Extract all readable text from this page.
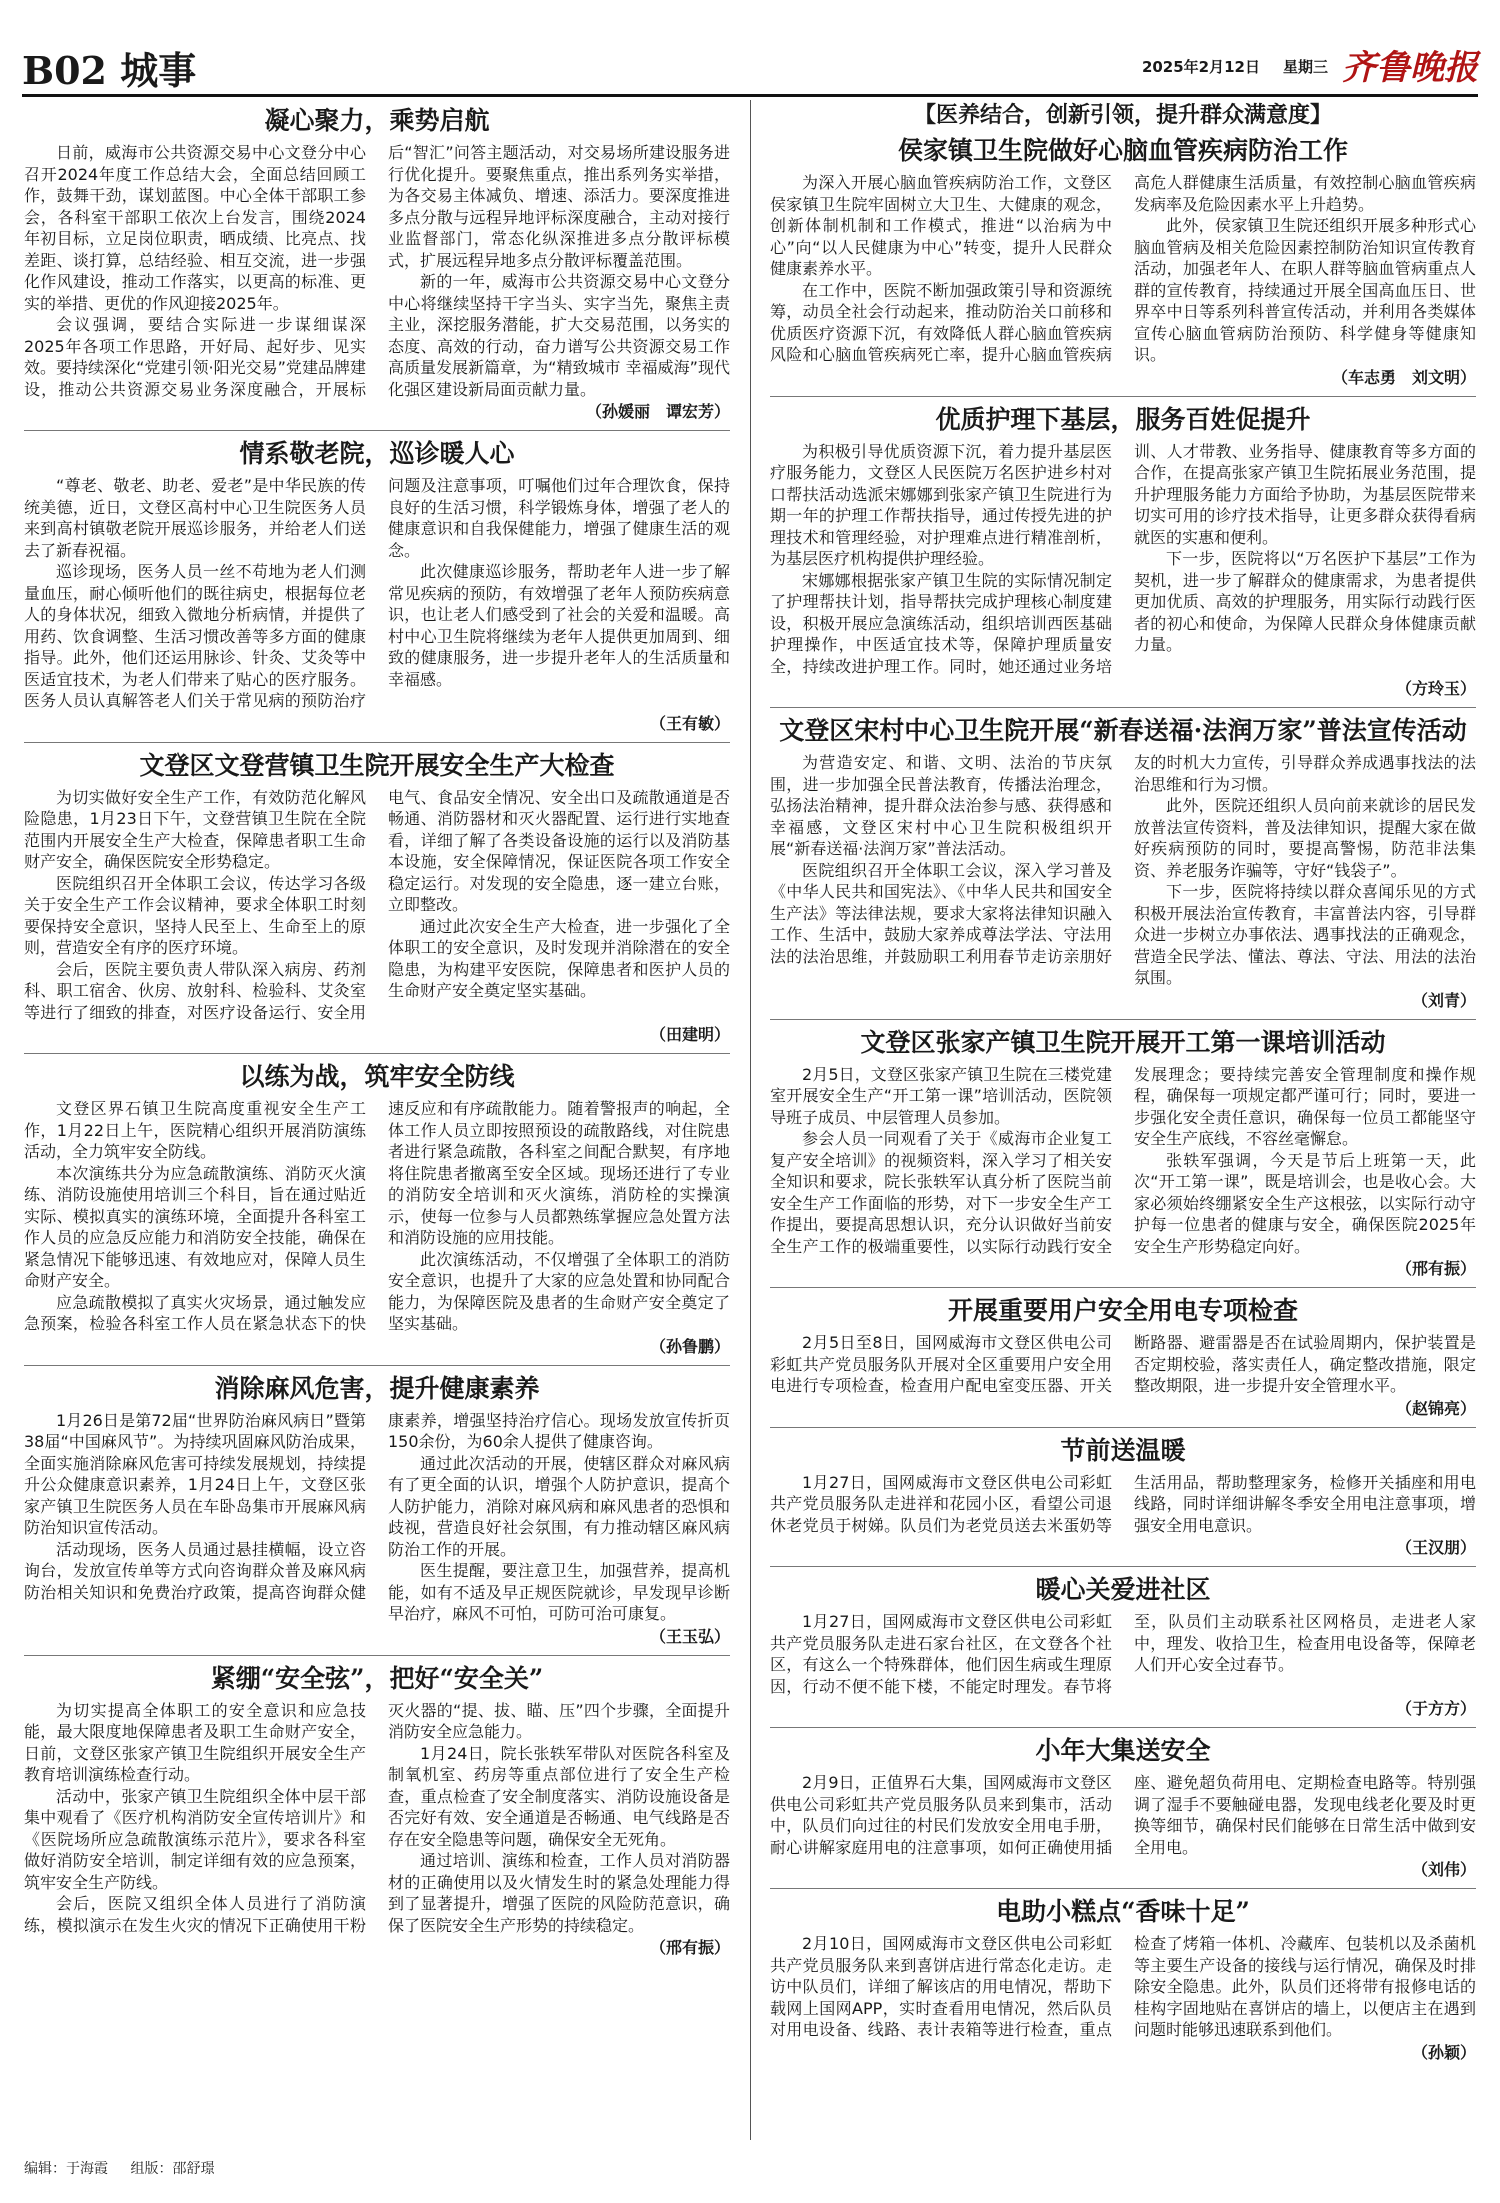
B02 城事	2025年2月12日 星期三 齐鲁晚报
凝心聚力，乘势启航

日前，威海市公共资源交易中心文登分中心召开2024年度工作总结大会，全面总结回顾工作，鼓舞干劲，谋划蓝图。中心全体干部职工参会，各科室干部职工依次上台发言，围绕2024年初目标，立足岗位职责，晒成绩、比亮点、找差距、谈打算，总结经验、相互交流，进一步强化作风建设，推动工作落实，以更高的标准、更实的举措、更优的作风迎接2025年。

会议强调，要结合实际进一步谋细谋深2025年各项工作思路，开好局、起好步、见实效。要持续深化“党建引领·阳光交易”党建品牌建设，推动公共资源交易业务深度融合，开展标后“智汇”问答主题活动，对交易场所建设服务进行优化提升。要聚焦重点，推出系列务实举措，为各交易主体减负、增速、添活力。要深度推进多点分散与远程异地评标深度融合，主动对接行业监督部门，常态化纵深推进多点分散评标模式，扩展远程异地多点分散评标覆盖范围。

新的一年，威海市公共资源交易中心文登分中心将继续坚持干字当头、实字当先，聚焦主责主业，深挖服务潜能，扩大交易范围，以务实的态度、高效的行动，奋力谱写公共资源交易工作高质量发展新篇章，为“精致城市 幸福威海”现代化强区建设新局面贡献力量。

（孙媛丽　谭宏芳）
情系敬老院，巡诊暖人心

“尊老、敬老、助老、爱老”是中华民族的传统美德，近日，文登区高村中心卫生院医务人员来到高村镇敬老院开展巡诊服务，并给老人们送去了新春祝福。

巡诊现场，医务人员一丝不苟地为老人们测量血压，耐心倾听他们的既往病史，根据每位老人的身体状况，细致入微地分析病情，并提供了用药、饮食调整、生活习惯改善等多方面的健康指导。此外，他们还运用脉诊、针灸、艾灸等中医适宜技术，为老人们带来了贴心的医疗服务。医务人员认真解答老人们关于常见病的预防治疗问题及注意事项，叮嘱他们过年合理饮食，保持良好的生活习惯，科学锻炼身体，增强了老人的健康意识和自我保健能力，增强了健康生活的观念。

此次健康巡诊服务，帮助老年人进一步了解常见疾病的预防，有效增强了老年人预防疾病意识，也让老人们感受到了社会的关爱和温暖。高村中心卫生院将继续为老年人提供更加周到、细致的健康服务，进一步提升老年人的生活质量和幸福感。

（王有敏）
文登区文登营镇卫生院开展安全生产大检查

为切实做好安全生产工作，有效防范化解风险隐患，1月23日下午，文登营镇卫生院在全院范围内开展安全生产大检查，保障患者职工生命财产安全，确保医院安全形势稳定。

医院组织召开全体职工会议，传达学习各级关于安全生产工作会议精神，要求全体职工时刻要保持安全意识，坚持人民至上、生命至上的原则，营造安全有序的医疗环境。

会后，医院主要负责人带队深入病房、药剂科、职工宿舍、伙房、放射科、检验科、艾灸室等进行了细致的排查，对医疗设备运行、安全用电气、食品安全情况、安全出口及疏散通道是否畅通、消防器材和灭火器配置、运行进行实地查看，详细了解了各类设备设施的运行以及消防基本设施，安全保障情况，保证医院各项工作安全稳定运行。对发现的安全隐患，逐一建立台账，立即整改。

通过此次安全生产大检查，进一步强化了全体职工的安全意识，及时发现并消除潜在的安全隐患，为构建平安医院，保障患者和医护人员的生命财产安全奠定坚实基础。

（田建明）
以练为战，筑牢安全防线

文登区界石镇卫生院高度重视安全生产工作，1月22日上午，医院精心组织开展消防演练活动，全力筑牢安全防线。

本次演练共分为应急疏散演练、消防灭火演练、消防设施使用培训三个科目，旨在通过贴近实际、模拟真实的演练环境，全面提升各科室工作人员的应急反应能力和消防安全技能，确保在紧急情况下能够迅速、有效地应对，保障人员生命财产安全。

应急疏散模拟了真实火灾场景，通过触发应急预案，检验各科室工作人员在紧急状态下的快速反应和有序疏散能力。随着警报声的响起，全体工作人员立即按照预设的疏散路线，对住院患者进行紧急疏散，各科室之间配合默契，有序地将住院患者撤离至安全区域。现场还进行了专业的消防安全培训和灭火演练，消防栓的实操演示，使每一位参与人员都熟练掌握应急处置方法和消防设施的应用技能。

此次演练活动，不仅增强了全体职工的消防安全意识，也提升了大家的应急处置和协同配合能力，为保障医院及患者的生命财产安全奠定了坚实基础。

（孙鲁鹏）
消除麻风危害，提升健康素养

1月26日是第72届“世界防治麻风病日”暨第38届“中国麻风节”。为持续巩固麻风防治成果，全面实施消除麻风危害可持续发展规划，持续提升公众健康意识素养，1月24日上午，文登区张家产镇卫生院医务人员在车卧岛集市开展麻风病防治知识宣传活动。

活动现场，医务人员通过悬挂横幅，设立咨询台，发放宣传单等方式向咨询群众普及麻风病防治相关知识和免费治疗政策，提高咨询群众健康素养，增强坚持治疗信心。现场发放宣传折页150余份，为60余人提供了健康咨询。

通过此次活动的开展，使辖区群众对麻风病有了更全面的认识，增强个人防护意识，提高个人防护能力，消除对麻风病和麻风患者的恐惧和歧视，营造良好社会氛围，有力推动辖区麻风病防治工作的开展。

医生提醒，要注意卫生，加强营养，提高机能，如有不适及早正规医院就诊，早发现早诊断早治疗，麻风不可怕，可防可治可康复。

（王玉弘）
紧绷“安全弦”，把好“安全关”

为切实提高全体职工的安全意识和应急技能，最大限度地保障患者及职工生命财产安全，日前，文登区张家产镇卫生院组织开展安全生产教育培训演练检查行动。

活动中，张家产镇卫生院组织全体中层干部集中观看了《医疗机构消防安全宣传培训片》和《医院场所应急疏散演练示范片》，要求各科室做好消防安全培训，制定详细有效的应急预案，筑牢安全生产防线。

会后，医院又组织全体人员进行了消防演练，模拟演示在发生火灾的情况下正确使用干粉灭火器的“提、拔、瞄、压”四个步骤，全面提升消防安全应急能力。

1月24日，院长张轶军带队对医院各科室及制氧机室、药房等重点部位进行了安全生产检查，重点检查了安全制度落实、消防设施设备是否完好有效、安全通道是否畅通、电气线路是否存在安全隐患等问题，确保安全无死角。

通过培训、演练和检查，工作人员对消防器材的正确使用以及火情发生时的紧急处理能力得到了显著提升，增强了医院的风险防范意识，确保了医院安全生产形势的持续稳定。

（邢有振）
【医养结合，创新引领，提升群众满意度】
侯家镇卫生院做好心脑血管疾病防治工作

为深入开展心脑血管疾病防治工作，文登区侯家镇卫生院牢固树立大卫生、大健康的观念，创新体制机制和工作模式，推进“以治病为中心”向“以人民健康为中心”转变，提升人民群众健康素养水平。

在工作中，医院不断加强政策引导和资源统筹，动员全社会行动起来，推动防治关口前移和优质医疗资源下沉，有效降低人群心脑血管疾病风险和心脑血管疾病死亡率，提升心脑血管疾病高危人群健康生活质量，有效控制心脑血管疾病发病率及危险因素水平上升趋势。

此外，侯家镇卫生院还组织开展多种形式心脑血管病及相关危险因素控制防治知识宣传教育活动，加强老年人、在职人群等脑血管病重点人群的宣传教育，持续通过开展全国高血压日、世界卒中日等系列科普宣传活动，并利用各类媒体宣传心脑血管病防治预防、科学健身等健康知识。

（车志勇　刘文明）
优质护理下基层，服务百姓促提升

为积极引导优质资源下沉，着力提升基层医疗服务能力，文登区人民医院万名医护进乡村对口帮扶活动选派宋娜娜到张家产镇卫生院进行为期一年的护理工作帮扶指导，通过传授先进的护理技术和管理经验，对护理难点进行精准剖析，为基层医疗机构提供护理经验。

宋娜娜根据张家产镇卫生院的实际情况制定了护理帮扶计划，指导帮扶完成护理核心制度建设，积极开展应急演练活动，组织培训西医基础护理操作，中医适宜技术等，保障护理质量安全，持续改进护理工作。同时，她还通过业务培训、人才带教、业务指导、健康教育等多方面的合作，在提高张家产镇卫生院拓展业务范围，提升护理服务能力方面给予协助，为基层医院带来切实可用的诊疗技术指导，让更多群众获得看病就医的实惠和便利。

下一步，医院将以“万名医护下基层”工作为契机，进一步了解群众的健康需求，为患者提供更加优质、高效的护理服务，用实际行动践行医者的初心和使命，为保障人民群众身体健康贡献力量。

（方玲玉）
文登区宋村中心卫生院开展“新春送福·法润万家”普法宣传活动

为营造安定、和谐、文明、法治的节庆氛围，进一步加强全民普法教育，传播法治理念，弘扬法治精神，提升群众法治参与感、获得感和幸福感，文登区宋村中心卫生院积极组织开展“新春送福·法润万家”普法活动。

医院组织召开全体职工会议，深入学习普及《中华人民共和国宪法》、《中华人民共和国安全生产法》等法律法规，要求大家将法律知识融入工作、生活中，鼓励大家养成尊法学法、守法用法的法治思维，并鼓励职工利用春节走访亲朋好友的时机大力宣传，引导群众养成遇事找法的法治思维和行为习惯。

此外，医院还组织人员向前来就诊的居民发放普法宣传资料，普及法律知识，提醒大家在做好疾病预防的同时，要提高警惕，防范非法集资、养老服务诈骗等，守好“钱袋子”。

下一步，医院将持续以群众喜闻乐见的方式积极开展法治宣传教育，丰富普法内容，引导群众进一步树立办事依法、遇事找法的正确观念，营造全民学法、懂法、尊法、守法、用法的法治氛围。

（刘青）
文登区张家产镇卫生院开展开工第一课培训活动

2月5日，文登区张家产镇卫生院在三楼党建室开展安全生产“开工第一课”培训活动，医院领导班子成员、中层管理人员参加。

参会人员一同观看了关于《威海市企业复工复产安全培训》的视频资料，深入学习了相关安全知识和要求，院长张轶军认真分析了医院当前安全生产工作面临的形势，对下一步安全生产工作提出，要提高思想认识，充分认识做好当前安全生产工作的极端重要性，以实际行动践行安全发展理念；要持续完善安全管理制度和操作规程，确保每一项规定都严谨可行；同时，要进一步强化安全责任意识，确保每一位员工都能坚守安全生产底线，不容丝毫懈怠。

张轶军强调，今天是节后上班第一天，此次“开工第一课”，既是培训会，也是收心会。大家必须始终绷紧安全生产这根弦，以实际行动守护每一位患者的健康与安全，确保医院2025年安全生产形势稳定向好。

（邢有振）
开展重要用户安全用电专项检查

2月5日至8日，国网威海市文登区供电公司彩虹共产党员服务队开展对全区重要用户安全用电进行专项检查，检查用户配电室变压器、开关断路器、避雷器是否在试验周期内，保护装置是否定期校验，落实责任人，确定整改措施，限定整改期限，进一步提升安全管理水平。

（赵锦亮）
节前送温暖

1月27日，国网威海市文登区供电公司彩虹共产党员服务队走进祥和花园小区，看望公司退休老党员于树娣。队员们为老党员送去米蛋奶等生活用品，帮助整理家务，检修开关插座和用电线路，同时详细讲解冬季安全用电注意事项，增强安全用电意识。

（王汉朋）
暖心关爱进社区

1月27日，国网威海市文登区供电公司彩虹共产党员服务队走进石家台社区，在文登各个社区，有这么一个特殊群体，他们因生病或生理原因，行动不便不能下楼，不能定时理发。春节将至，队员们主动联系社区网格员，走进老人家中，理发、收拾卫生，检查用电设备等，保障老人们开心安全过春节。

（于方方）
小年大集送安全

2月9日，正值界石大集，国网威海市文登区供电公司彩虹共产党员服务队员来到集市，活动中，队员们向过往的村民们发放安全用电手册，耐心讲解家庭用电的注意事项，如何正确使用插座、避免超负荷用电、定期检查电路等。特别强调了湿手不要触碰电器，发现电线老化要及时更换等细节，确保村民们能够在日常生活中做到安全用电。

（刘伟）
电助小糕点“香味十足”

2月10日，国网威海市文登区供电公司彩虹共产党员服务队来到喜饼店进行常态化走访。走访中队员们，详细了解该店的用电情况，帮助下载网上国网APP，实时查看用电情况，然后队员对用电设备、线路、表计表箱等进行检查，重点检查了烤箱一体机、冷藏库、包装机以及杀菌机等主要生产设备的接线与运行情况，确保及时排除安全隐患。此外，队员们还将带有报修电话的桂构字固地贴在喜饼店的墙上，以便店主在遇到问题时能够迅速联系到他们。

（孙颖）
编辑：于海霞 组版：邵舒璟
